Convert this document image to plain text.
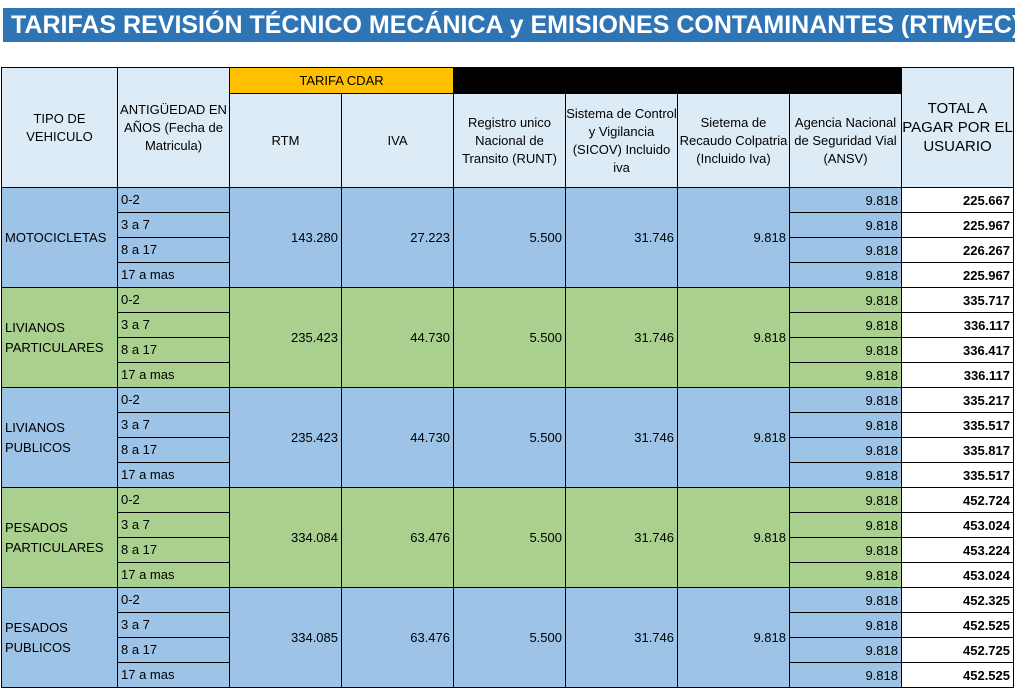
TARIFAS REVISIÓN TÉCNICO MECÁNICA y EMISIONES CONTAMINANTES (RTMyEC)
TIPO DE VEHICULO	ANTIGÜEDAD EN AÑOS (Fecha de Matricula)	TARIFA CDAR						TOTAL A PAGAR POR EL USUARIO
		RTM	IVA	Registro unico Nacional de Transito (RUNT)	Sistema de Control y Vigilancia (SICOV) Incluido iva	Sietema de Recaudo Colpatria (Incluido Iva)	Agencia Nacional de Seguridad Vial (ANSV)	
MOTOCICLETAS	0-2	143.280	27.223	5.500	31.746	9.818	9.818	225.667
	3 a 7						9.818	225.967
	8 a 17						9.818	226.267
	17 a mas						9.818	225.967
LIVIANOS PARTICULARES	0-2	235.423	44.730	5.500	31.746	9.818	9.818	335.717
	3 a 7						9.818	336.117
	8 a 17						9.818	336.417
	17 a mas						9.818	336.117
LIVIANOS PUBLICOS	0-2	235.423	44.730	5.500	31.746	9.818	9.818	335.217
	3 a 7						9.818	335.517
	8 a 17						9.818	335.817
	17 a mas						9.818	335.517
PESADOS PARTICULARES	0-2	334.084	63.476	5.500	31.746	9.818	9.818	452.724
	3 a 7						9.818	453.024
	8 a 17						9.818	453.224
	17 a mas						9.818	453.024
PESADOS PUBLICOS	0-2	334.085	63.476	5.500	31.746	9.818	9.818	452.325
	3 a 7						9.818	452.525
	8 a 17						9.818	452.725
	17 a mas						9.818	452.525
